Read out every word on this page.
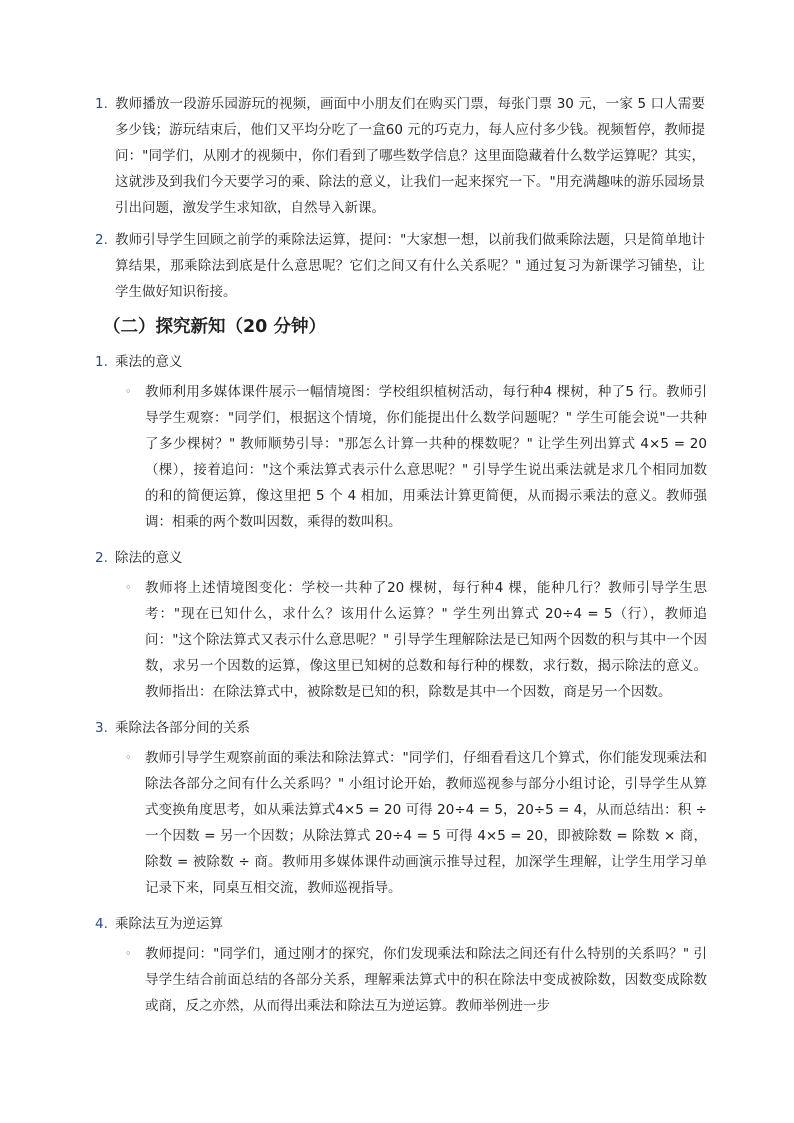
1. 教师播放一段游乐园游玩的视频，画面中小朋友们在购买门票，每张门票 30 元，一家 5 口人需要多少钱；游玩结束后，他们又平均分吃了一盒60 元的巧克力，每人应付多少钱。视频暂停，教师提问："同学们，从刚才的视频中，你们看到了哪些数学信息？这里面隐藏着什么数学运算呢？其实，这就涉及到我们今天要学习的乘、除法的意义，让我们一起来探究一下。"用充满趣味的游乐园场景引出问题，激发学生求知欲，自然导入新课。
2. 教师引导学生回顾之前学的乘除法运算，提问："大家想一想，以前我们做乘除法题，只是简单地计算结果，那乘除法到底是什么意思呢？它们之间又有什么关系呢？" 通过复习为新课学习铺垫，让学生做好知识衔接。
（二）探究新知（20 分钟）
1. 乘法的意义
◦ 教师利用多媒体课件展示一幅情境图：学校组织植树活动，每行种4 棵树，种了5 行。教师引导学生观察："同学们，根据这个情境，你们能提出什么数学问题呢？" 学生可能会说"一共种了多少棵树？" 教师顺势引导："那怎么计算一共种的棵数呢？" 让学生列出算式 4×5 = 20（棵），接着追问："这个乘法算式表示什么意思呢？" 引导学生说出乘法就是求几个相同加数的和的简便运算，像这里把 5 个 4 相加，用乘法计算更简便，从而揭示乘法的意义。教师强调：相乘的两个数叫因数，乘得的数叫积。
2. 除法的意义
◦ 教师将上述情境图变化：学校一共种了20 棵树，每行种4 棵，能种几行？教师引导学生思考："现在已知什么，求什么？该用什么运算？" 学生列出算式 20÷4 = 5（行），教师追问："这个除法算式又表示什么意思呢？" 引导学生理解除法是已知两个因数的积与其中一个因数，求另一个因数的运算，像这里已知树的总数和每行种的棵数，求行数，揭示除法的意义。教师指出：在除法算式中，被除数是已知的积，除数是其中一个因数，商是另一个因数。
3. 乘除法各部分间的关系
◦ 教师引导学生观察前面的乘法和除法算式："同学们，仔细看看这几个算式，你们能发现乘法和除法各部分之间有什么关系吗？" 小组讨论开始，教师巡视参与部分小组讨论，引导学生从算式变换角度思考，如从乘法算式4×5 = 20 可得 20÷4 = 5，20÷5 = 4，从而总结出：积 ÷ 一个因数 = 另一个因数；从除法算式 20÷4 = 5 可得 4×5 = 20，即被除数 = 除数 × 商，除数 = 被除数 ÷ 商。教师用多媒体课件动画演示推导过程，加深学生理解，让学生用学习单记录下来，同桌互相交流，教师巡视指导。
4. 乘除法互为逆运算
◦ 教师提问："同学们，通过刚才的探究，你们发现乘法和除法之间还有什么特别的关系吗？" 引导学生结合前面总结的各部分关系，理解乘法算式中的积在除法中变成被除数，因数变成除数或商，反之亦然，从而得出乘法和除法互为逆运算。教师举例进一步
